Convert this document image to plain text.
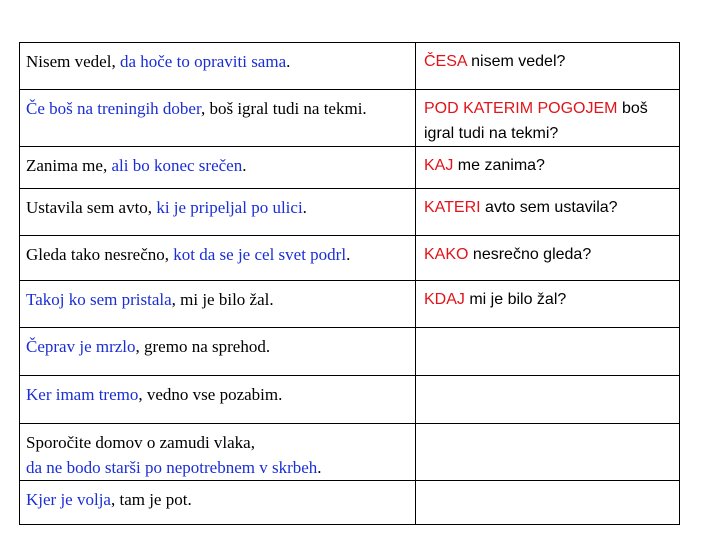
Nisem vedel, da hoče to opraviti sama.	ČESA nisem vedel?

Če boš na treningih dober, boš igral tudi na tekmi.	POD KATERIM POGOJEM boš igral tudi na tekmi?

Zanima me, ali bo konec srečen.	KAJ me zanima?

Ustavila sem avto, ki je pripeljal po ulici.	KATERI avto sem ustavila?

Gleda tako nesrečno, kot da se je cel svet podrl.	KAKO nesrečno gleda?

Takoj ko sem pristala, mi je bilo žal.	KDAJ mi je bilo žal?

Čeprav je mrzlo, gremo na sprehod.	

Ker imam tremo, vedno vse pozabim.	

Sporočite domov o zamudi vlaka,
da ne bodo starši po nepotrebnem v skrbeh.	

Kjer je volja, tam je pot.	
